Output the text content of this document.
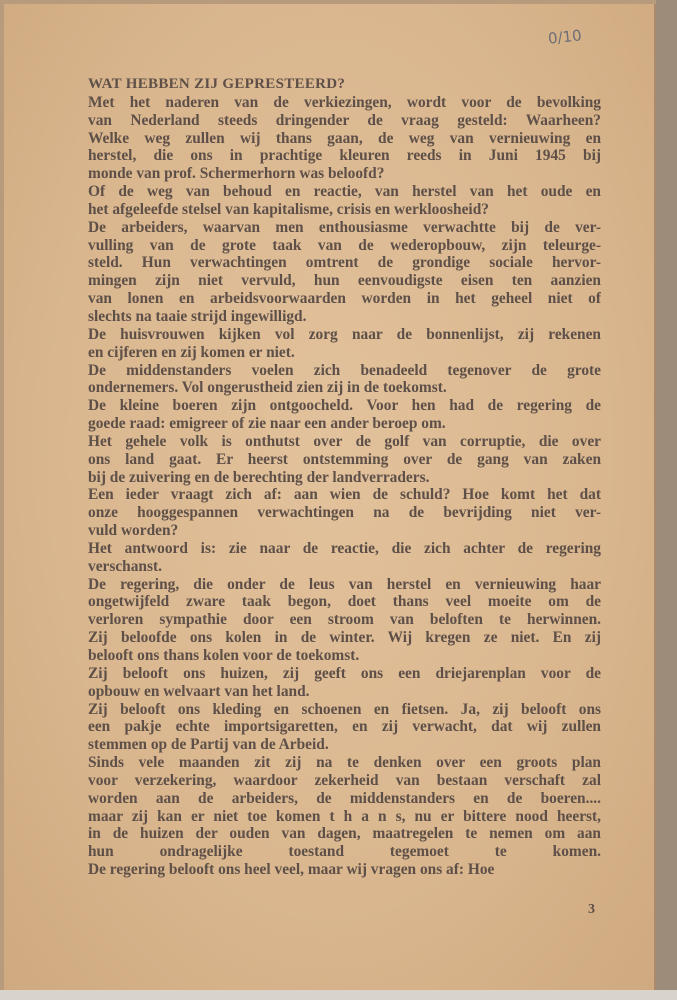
0/10
WAT HEBBEN ZIJ GEPRESTEERD?
Met het naderen van de verkiezingen, wordt voor de bevolking
van Nederland steeds dringender de vraag gesteld: Waarheen?
Welke weg zullen wij thans gaan, de weg van vernieuwing en
herstel, die ons in prachtige kleuren reeds in Juni 1945 bij
monde van prof. Schermerhorn was beloofd?
Of de weg van behoud en reactie, van herstel van het oude en
het afgeleefde stelsel van kapitalisme, crisis en werkloosheid?
De arbeiders, waarvan men enthousiasme verwachtte bij de ver-
vulling van de grote taak van de wederopbouw, zijn teleurge-
steld. Hun verwachtingen omtrent de grondige sociale hervor-
mingen zijn niet vervuld, hun eenvoudigste eisen ten aanzien
van lonen en arbeidsvoorwaarden worden in het geheel niet of
slechts na taaie strijd ingewilligd.
De huisvrouwen kijken vol zorg naar de bonnenlijst, zij rekenen
en cijferen en zij komen er niet.
De middenstanders voelen zich benadeeld tegenover de grote
ondernemers. Vol ongerustheid zien zij in de toekomst.
De kleine boeren zijn ontgoocheld. Voor hen had de regering de
goede raad: emigreer of zie naar een ander beroep om.
Het gehele volk is onthutst over de golf van corruptie, die over
ons land gaat. Er heerst ontstemming over de gang van zaken
bij de zuivering en de berechting der landverraders.
Een ieder vraagt zich af: aan wien de schuld? Hoe komt het dat
onze hooggespannen verwachtingen na de bevrijding niet ver-
vuld worden?
Het antwoord is: zie naar de reactie, die zich achter de regering
verschanst.
De regering, die onder de leus van herstel en vernieuwing haar
ongetwijfeld zware taak begon, doet thans veel moeite om de
verloren sympathie door een stroom van beloften te herwinnen.
Zij beloofde ons kolen in de winter. Wij kregen ze niet. En zij
belooft ons thans kolen voor de toekomst.
Zij belooft ons huizen, zij geeft ons een driejarenplan voor de
opbouw en welvaart van het land.
Zij belooft ons kleding en schoenen en fietsen. Ja, zij belooft ons
een pakje echte importsigaretten, en zij verwacht, dat wij zullen
stemmen op de Partij van de Arbeid.
Sinds vele maanden zit zij na te denken over een groots plan
voor verzekering, waardoor zekerheid van bestaan verschaft zal
worden aan de arbeiders, de middenstanders en de boeren....
maar zij kan er niet toe komen t h a n s, nu er bittere nood heerst,
in de huizen der ouden van dagen, maatregelen te nemen om aan
hun ondragelijke toestand tegemoet te komen.
De regering belooft ons heel veel, maar wij vragen ons af: Hoe
3
